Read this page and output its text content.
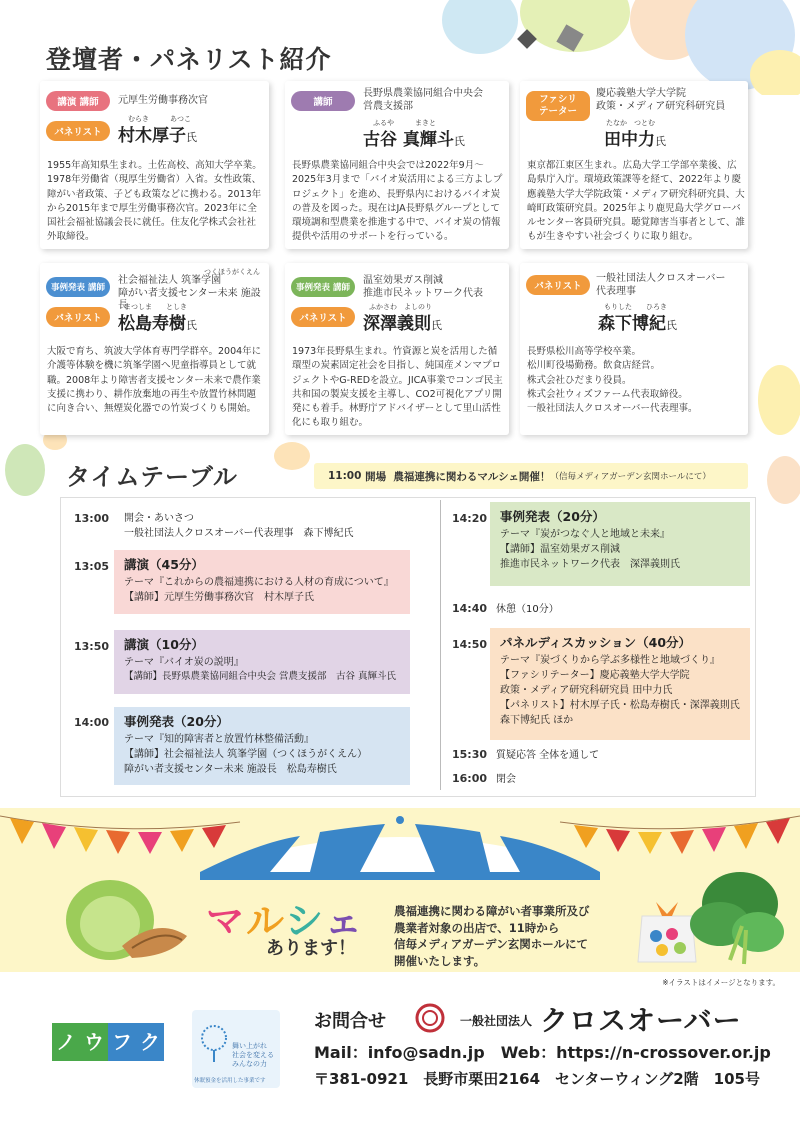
登壇者・パネリスト紹介
講演 講師	元厚生労働事務次官
パネリスト
むらき　　　あつこ
村木厚子氏
1955年高知県生まれ。土佐高校、高知大学卒業。1978年労働省（現厚生労働省）入省。女性政策、障がい者政策、子ども政策などに携わる。2013年から2015年まで厚生労働事務次官。2023年に全国社会福祉協議会長に就任。住友化学株式会社社外取締役。
講師
長野県農業協同組合中央会
営農支援部
ふるや　　　まきと
古谷 真輝斗氏
長野県農業協同組合中央会では2022年9月～2025年3月まで「バイオ炭活用による三方よしプロジェクト」を進め、長野県内におけるバイオ炭の普及を図った。現在はJA長野県グループとして環境調和型農業を推進する中で、バイオ炭の情報提供や活用のサポートを行っている。
ファシリ
テーター
慶応義塾大学大学院
政策・メディア研究科研究員
たなか　つとむ
田中力氏
東京都江東区生まれ。広島大学工学部卒業後、広島県庁入庁。環境政策課等を経て、2022年より慶應義塾大学大学院政策・メディア研究科研究員、大崎町政策研究員。2025年より鹿児島大学グローバルセンター客員研究員。聴覚障害当事者として、誰もが生きやすい社会づくりに取り組む。
事例発表 講師
つくほうがくえん
社会福祉法人 筑峯学園
障がい者支援センター未来 施設長
パネリスト
まつしま　　としき
松島寿樹氏
大阪で育ち、筑波大学体育専門学群卒。2004年に介護等体験を機に筑峯学園へ児童指導員として就職。2008年より障害者支援センター未来で農作業支援に携わり、耕作放棄地の再生や放置竹林問題に向き合い、無煙炭化器での竹炭づくりも開始。
事例発表 講師
温室効果ガス削減
推進市民ネットワーク代表
パネリスト
ふかさわ　よしのり
深澤義則氏
1973年長野県生まれ。竹資源と炭を活用した循環型の炭素固定社会を目指し、純国産メンマプロジェクトやG-REDを設立。JICA事業でコンゴ民主共和国の製炭支援を主導し、CO2可視化アプリ開発にも着手。林野庁アドバイザーとして里山活性化にも取り組む。
パネリスト
一般社団法人クロスオーバー
代表理事
もりした　　ひろき
森下博紀氏
長野県松川高等学校卒業。
松川町役場勤務。飲食店経営。
株式会社ひだまり役員。
株式会社ウィズファーム代表取締役。
一般社団法人クロスオーバー代表理事。
タイムテーブル	11:00
開場
農福連携に関わるマルシェ開催！ （信毎メディアガーデン玄関ホールにて）
13:00 開会・あいさつ
一般社団法人クロスオーバー代表理事　森下博紀氏
13:05 講演（45分）
テーマ『これからの農福連携における人材の育成について』
【講師】元厚生労働事務次官　村木厚子氏
13:50 講演（10分）
テーマ『バイオ炭の説明』
【講師】長野県農業協同組合中央会 営農支援部　古谷 真輝斗氏
14:00 事例発表（20分）
テーマ『知的障害者と放置竹林整備活動』
【講師】社会福祉法人 筑峯学園（つくほうがくえん）
障がい者支援センター未来 施設長　松島寿樹氏
14:20 事例発表（20分）
テーマ『炭がつなぐ人と地域と未来』
【講師】温室効果ガス削減
推進市民ネットワーク代表　深澤義則氏
14:40 休憩（10分）
14:50 パネルディスカッション（40分）
テーマ『炭づくりから学ぶ多様性と地域づくり』
【ファシリテーター】慶応義塾大学大学院
政策・メディア研究科研究員 田中力氏
【パネリスト】村木厚子氏・松島寿樹氏・深澤義則氏
森下博紀氏 ほか
15:30 質疑応答 全体を通して
16:00 閉会
マルシェ
あります！
農福連携に関わる障がい者事業所及び
農業者対象の出店で、11時から
信毎メディアガーデン玄関ホールにて
開催いたします。
※イラストはイメージとなります。
ノ ウ フ ク	舞い上がれ
社会を変える
みんなの力
休眠預金を活用した事業です
お問合せ	一般社団法人 クロスオーバー
Mail：info@sadn.jp　Web：https://n-crossover.or.jp
〒381-0921　長野市栗田2164　センターウィング2階　105号
